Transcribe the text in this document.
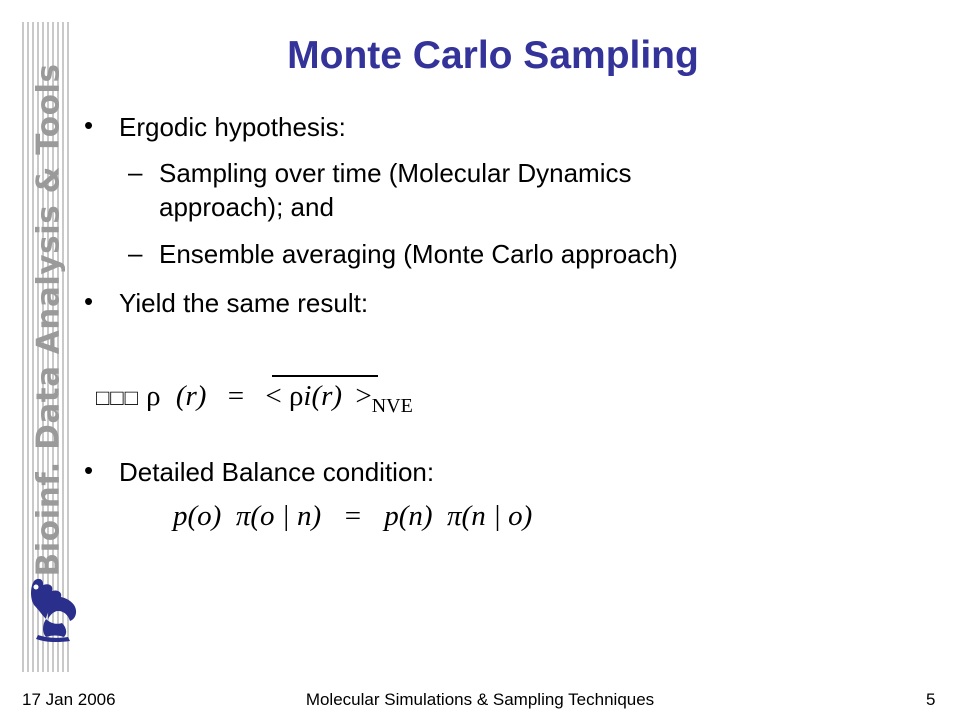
Bioinf. Data Analysis & Tools
Monte Carlo Sampling
• Ergodic hypothesis:
– Sampling over time (Molecular Dynamics
approach); and
– Ensemble averaging (Monte Carlo approach)
• Yield the same result:
□□□ ρ (r) = < $\rho i(r) >_{NVE}$
• Detailed Balance condition:
p(o)  π(o | n)   =   p(n)  π(n | o)
17 Jan 2006	Molecular Simulations & Sampling Techniques	5
